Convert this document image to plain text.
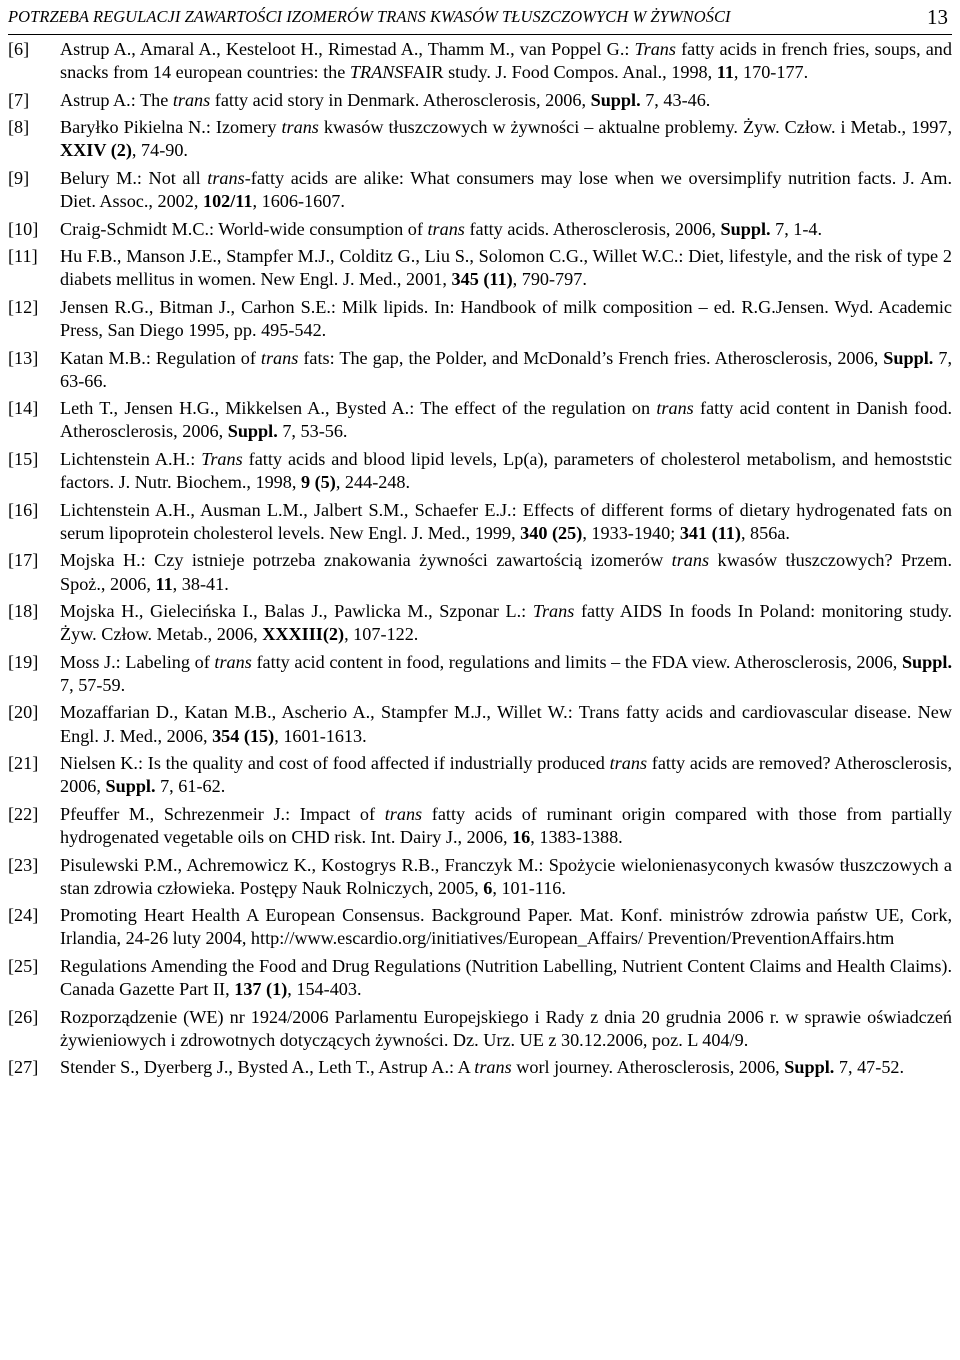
POTRZEBA REGULACJI ZAWARTOŚCI IZOMERÓW TRANS KWASÓW TŁUSZCZOWYCH W ŻYWNOŚCI	13
[6]	Astrup A., Amaral A., Kesteloot H., Rimestad A., Thamm M., van Poppel G.: Trans fatty acids in french fries, soups, and snacks from 14 european countries: the TRANSFAIR study. J. Food Compos. Anal., 1998, 11, 170-177.
[7]	Astrup A.: The trans fatty acid story in Denmark. Atherosclerosis, 2006, Suppl. 7, 43-46.
[8]	Baryłko Pikielna N.: Izomery trans kwasów tłuszczowych w żywności – aktualne problemy. Żyw. Człow. i Metab., 1997, XXIV (2), 74-90.
[9]	Belury M.: Not all trans-fatty acids are alike: What consumers may lose when we oversimplify nutrition facts. J. Am. Diet. Assoc., 2002, 102/11, 1606-1607.
[10]	Craig-Schmidt M.C.: World-wide consumption of trans fatty acids. Atherosclerosis, 2006, Suppl. 7, 1-4.
[11]	Hu F.B., Manson J.E., Stampfer M.J., Colditz G., Liu S., Solomon C.G., Willet W.C.: Diet, lifestyle, and the risk of type 2 diabets mellitus in women. New Engl. J. Med., 2001, 345 (11), 790-797.
[12]	Jensen R.G., Bitman J., Carhon S.E.: Milk lipids. In: Handbook of milk composition – ed. R.G.Jensen. Wyd. Academic Press, San Diego 1995, pp. 495-542.
[13]	Katan M.B.: Regulation of trans fats: The gap, the Polder, and McDonald’s French fries. Atherosclerosis, 2006, Suppl. 7, 63-66.
[14]	Leth T., Jensen H.G., Mikkelsen A., Bysted A.: The effect of the regulation on trans fatty acid content in Danish food. Atherosclerosis, 2006, Suppl. 7, 53-56.
[15]	Lichtenstein A.H.: Trans fatty acids and blood lipid levels, Lp(a), parameters of cholesterol metabolism, and hemoststic factors. J. Nutr. Biochem., 1998, 9 (5), 244-248.
[16]	Lichtenstein A.H., Ausman L.M., Jalbert S.M., Schaefer E.J.: Effects of different forms of dietary hydrogenated fats on serum lipoprotein cholesterol levels. New Engl. J. Med., 1999, 340 (25), 1933-1940; 341 (11), 856a.
[17]	Mojska H.: Czy istnieje potrzeba znakowania żywności zawartością izomerów trans kwasów tłuszczowych? Przem. Spoż., 2006, 11, 38-41.
[18]	Mojska H., Gielecińska I., Balas J., Pawlicka M., Szponar L.: Trans fatty AIDS In foods In Poland: monitoring study. Żyw. Człow. Metab., 2006, XXXIII(2), 107-122.
[19]	Moss J.: Labeling of trans fatty acid content in food, regulations and limits – the FDA view. Atherosclerosis, 2006, Suppl. 7, 57-59.
[20]	Mozaffarian D., Katan M.B., Ascherio A., Stampfer M.J., Willet W.: Trans fatty acids and cardiovascular disease. New Engl. J. Med., 2006, 354 (15), 1601-1613.
[21]	Nielsen K.: Is the quality and cost of food affected if industrially produced trans fatty acids are removed? Atherosclerosis, 2006, Suppl. 7, 61-62.
[22]	Pfeuffer M., Schrezenmeir J.: Impact of trans fatty acids of ruminant origin compared with those from partially hydrogenated vegetable oils on CHD risk. Int. Dairy J., 2006, 16, 1383-1388.
[23]	Pisulewski P.M., Achremowicz K., Kostogrys R.B., Franczyk M.: Spożycie wielonienasyconych kwasów tłuszczowych a stan zdrowia człowieka. Postępy Nauk Rolniczych, 2005, 6, 101-116.
[24]	Promoting Heart Health A European Consensus. Background Paper. Mat. Konf. ministrów zdrowia państw UE, Cork, Irlandia, 24-26 luty 2004, http://www.escardio.org/initiatives/European_Affairs/ Prevention/PreventionAffairs.htm
[25]	Regulations Amending the Food and Drug Regulations (Nutrition Labelling, Nutrient Content Claims and Health Claims). Canada Gazette Part II, 137 (1), 154-403.
[26]	Rozporządzenie (WE) nr 1924/2006 Parlamentu Europejskiego i Rady z dnia 20 grudnia 2006 r. w sprawie oświadczeń żywieniowych i zdrowotnych dotyczących żywności. Dz. Urz. UE z 30.12.2006, poz. L 404/9.
[27]	Stender S., Dyerberg J., Bysted A., Leth T., Astrup A.: A trans worl journey. Atherosclerosis, 2006, Suppl. 7, 47-52.
